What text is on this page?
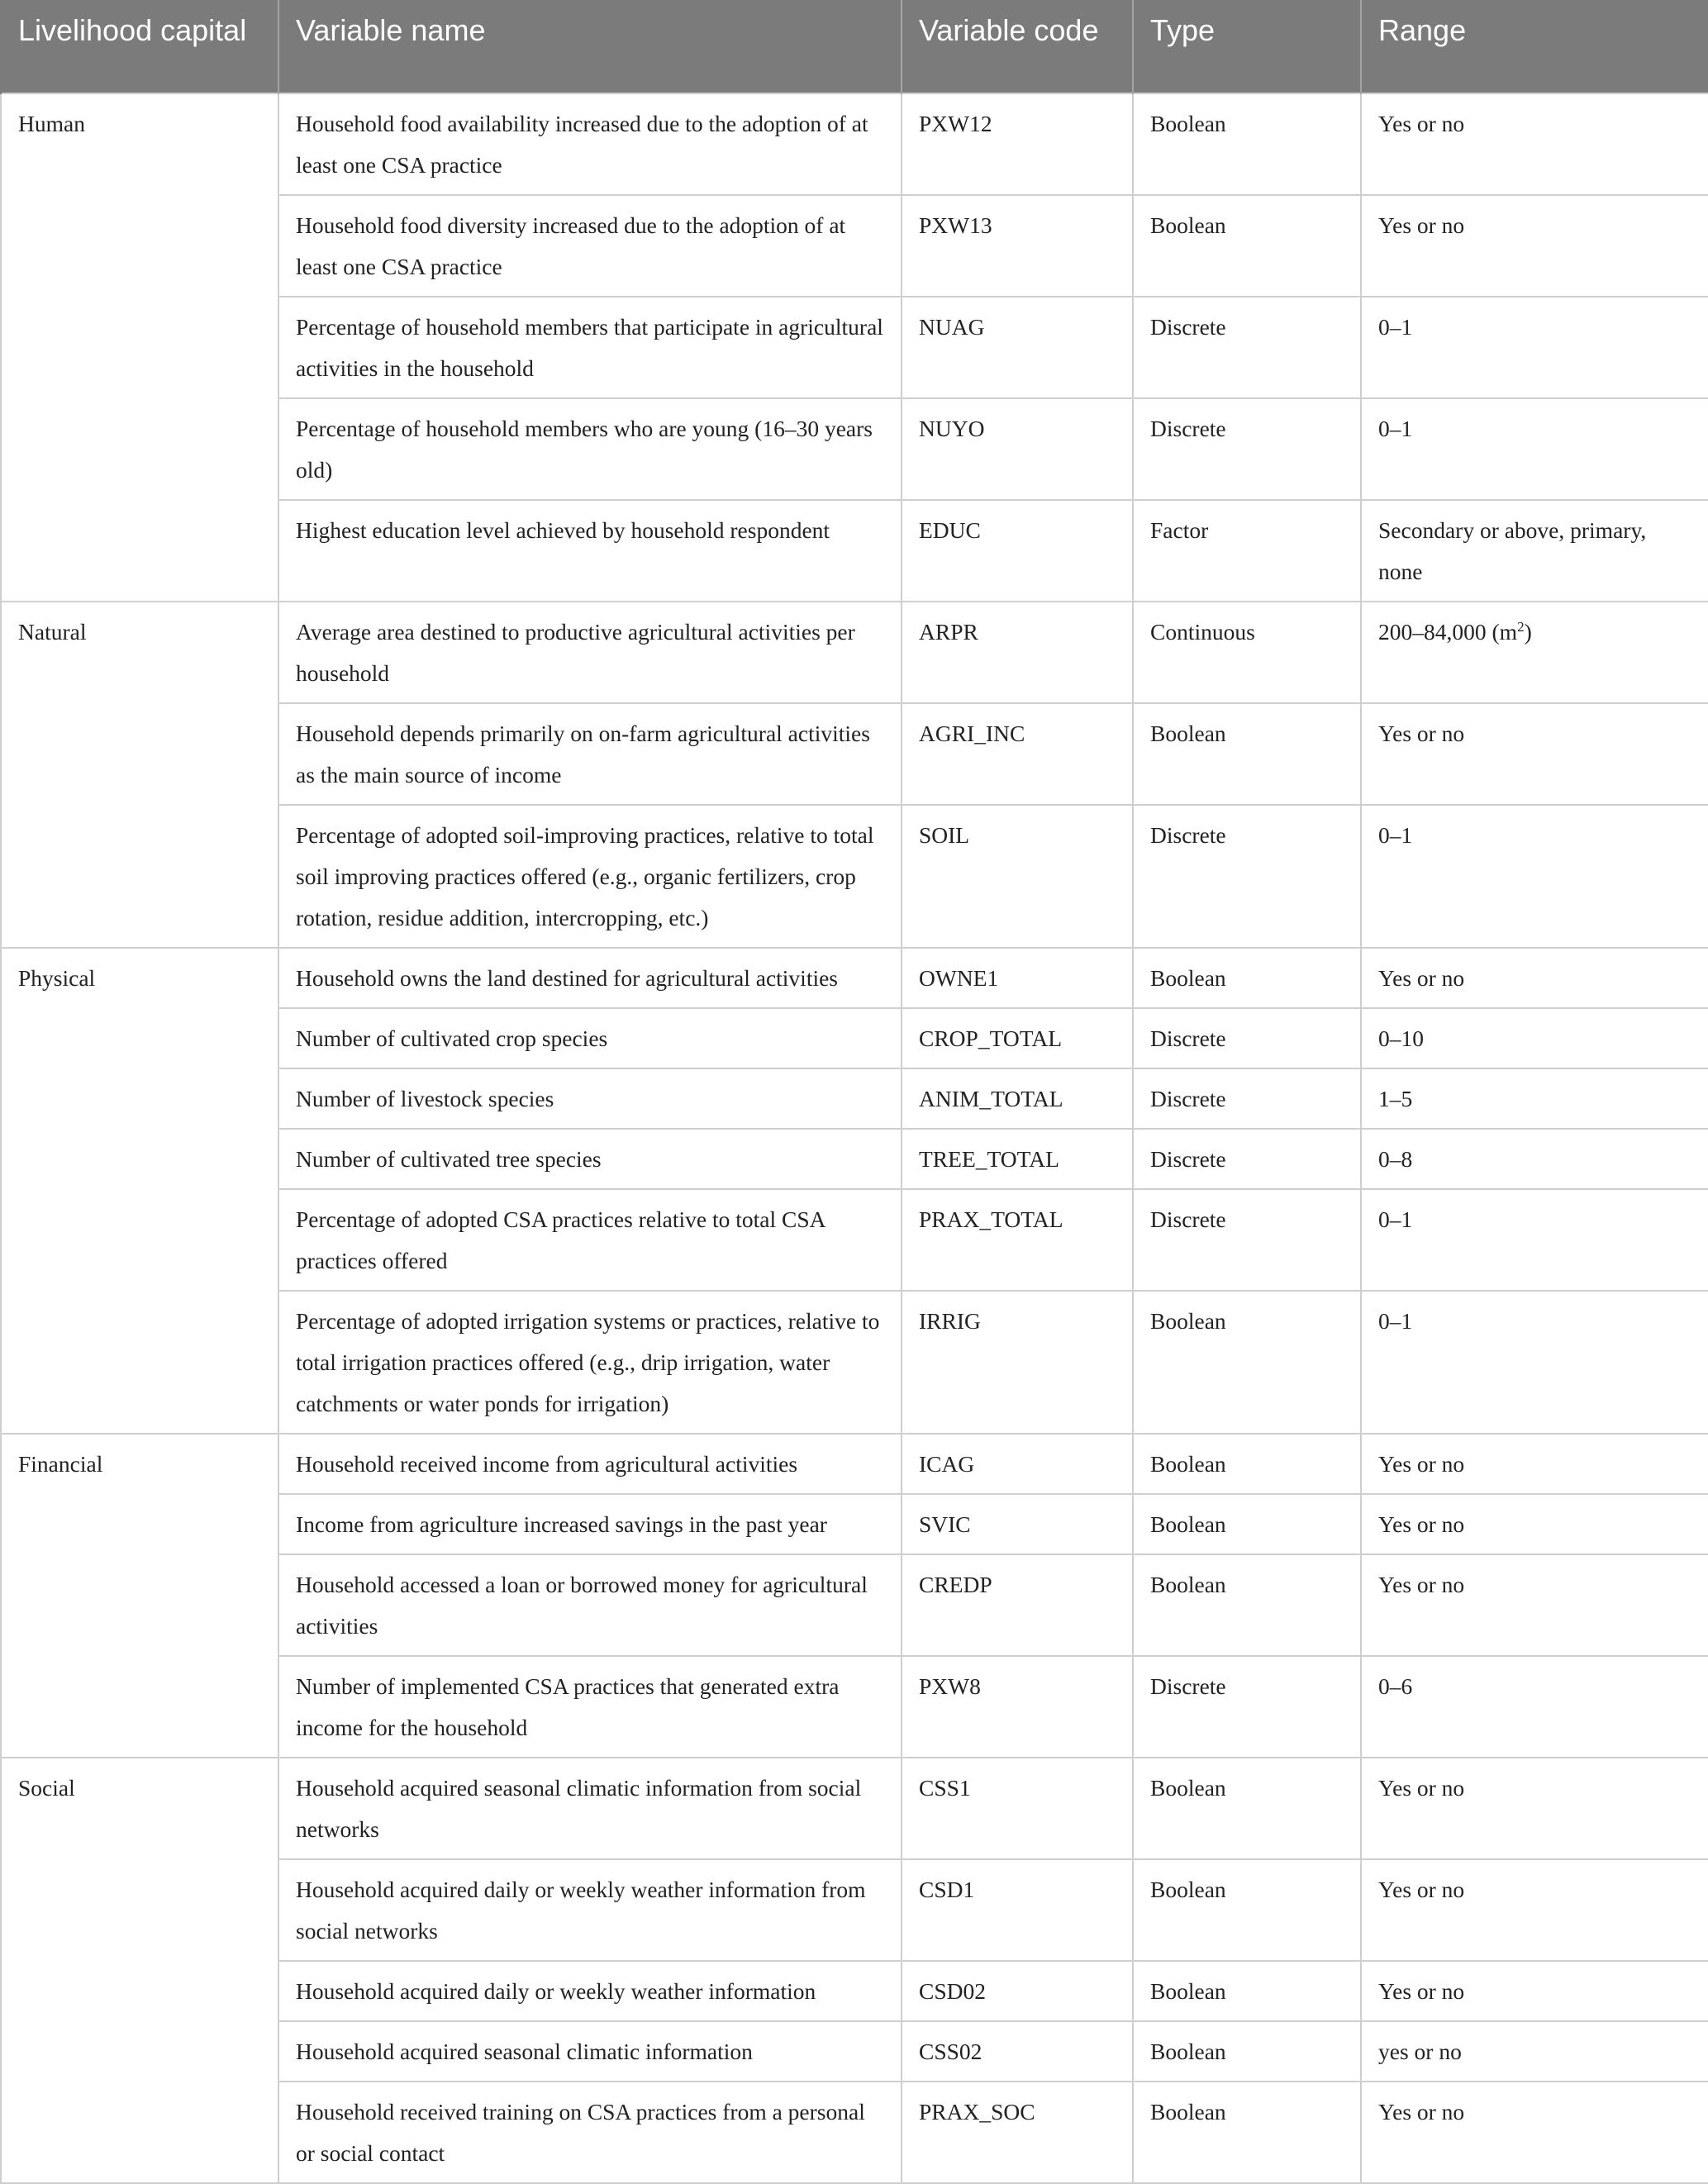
Livelihood capital	Variable name	Variable code	Type	Range
Human	Household food availability increased due to the adoption of at least one CSA practice	PXW12	Boolean	Yes or no
	Household food diversity increased due to the adoption of at least one CSA practice	PXW13	Boolean	Yes or no
	Percentage of household members that participate in agricultural activities in the household	NUAG	Discrete	0–1
	Percentage of household members who are young (16–30 years old)	NUYO	Discrete	0–1
	Highest education level achieved by household respondent	EDUC	Factor	Secondary or above, primary, none
Natural	Average area destined to productive agricultural activities per household	ARPR	Continuous	200–84,000 $(m^2)$
	Household depends primarily on on-farm agricultural activities as the main source of income	AGRI_INC	Boolean	Yes or no
	Percentage of adopted soil-improving practices, relative to total soil improving practices offered (e.g., organic fertilizers, crop rotation, residue addition, intercropping, etc.)	SOIL	Discrete	0–1
Physical	Household owns the land destined for agricultural activities	OWNE1	Boolean	Yes or no
	Number of cultivated crop species	CROP_TOTAL	Discrete	0–10
	Number of livestock species	ANIM_TOTAL	Discrete	1–5
	Number of cultivated tree species	TREE_TOTAL	Discrete	0–8
	Percentage of adopted CSA practices relative to total CSA practices offered	PRAX_TOTAL	Discrete	0–1
	Percentage of adopted irrigation systems or practices, relative to total irrigation practices offered (e.g., drip irrigation, water catchments or water ponds for irrigation)	IRRIG	Boolean	0–1
Financial	Household received income from agricultural activities	ICAG	Boolean	Yes or no
	Income from agriculture increased savings in the past year	SVIC	Boolean	Yes or no
	Household accessed a loan or borrowed money for agricultural activities	CREDP	Boolean	Yes or no
	Number of implemented CSA practices that generated extra income for the household	PXW8	Discrete	0–6
Social	Household acquired seasonal climatic information from social networks	CSS1	Boolean	Yes or no
	Household acquired daily or weekly weather information from social networks	CSD1	Boolean	Yes or no
	Household acquired daily or weekly weather information	CSD02	Boolean	Yes or no
	Household acquired seasonal climatic information	CSS02	Boolean	yes or no
	Household received training on CSA practices from a personal or social contact	PRAX_SOC	Boolean	Yes or no
